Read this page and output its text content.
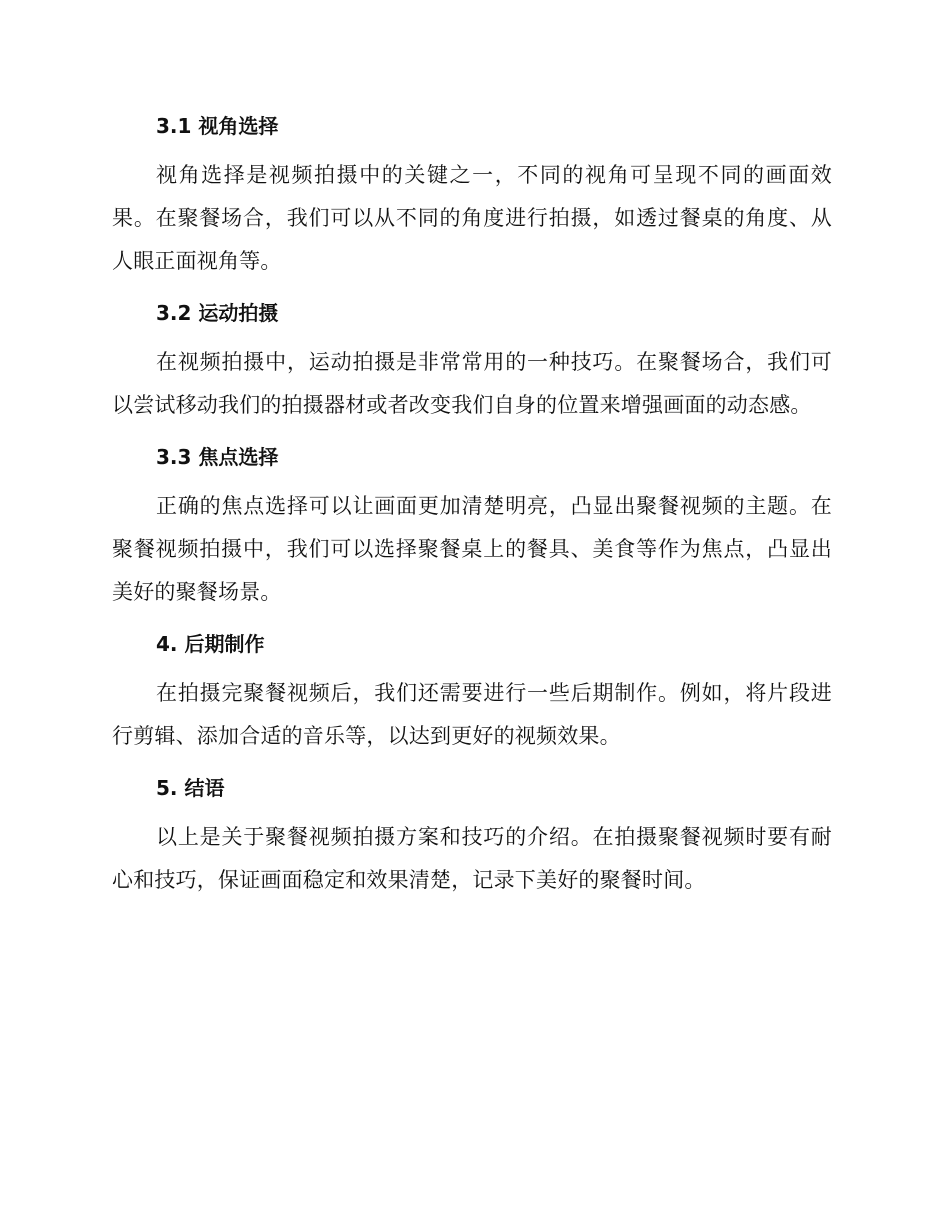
3.1 视角选择

视角选择是视频拍摄中的关键之一，不同的视角可呈现不同的画面效果。在聚餐场合，我们可以从不同的角度进行拍摄，如透过餐桌的角度、从人眼正面视角等。

3.2 运动拍摄

在视频拍摄中，运动拍摄是非常常用的一种技巧。在聚餐场合，我们可以尝试移动我们的拍摄器材或者改变我们自身的位置来增强画面的动态感。

3.3 焦点选择

正确的焦点选择可以让画面更加清楚明亮，凸显出聚餐视频的主题。在聚餐视频拍摄中，我们可以选择聚餐桌上的餐具、美食等作为焦点，凸显出美好的聚餐场景。

4. 后期制作

在拍摄完聚餐视频后，我们还需要进行一些后期制作。例如，将片段进行剪辑、添加合适的音乐等，以达到更好的视频效果。

5. 结语

以上是关于聚餐视频拍摄方案和技巧的介绍。在拍摄聚餐视频时要有耐心和技巧，保证画面稳定和效果清楚，记录下美好的聚餐时间。
